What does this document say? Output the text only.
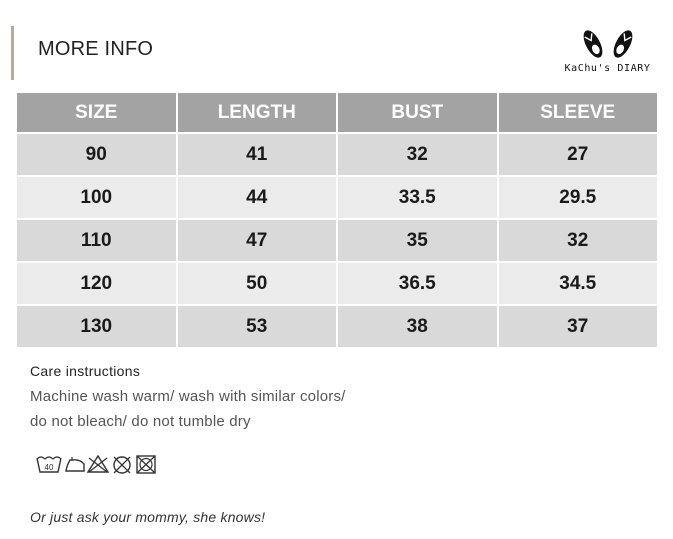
MORE INFO
KaChu's DIARY
SIZE	LENGTH	BUST	SLEEVE
90	41	32	27
100	44	33.5	29.5
110	47	35	32
120	50	36.5	34.5
130	53	38	37
Care instructions
Machine wash warm/ wash with similar colors/
do not bleach/ do not tumble dry
40
Or just ask your mommy, she knows!
